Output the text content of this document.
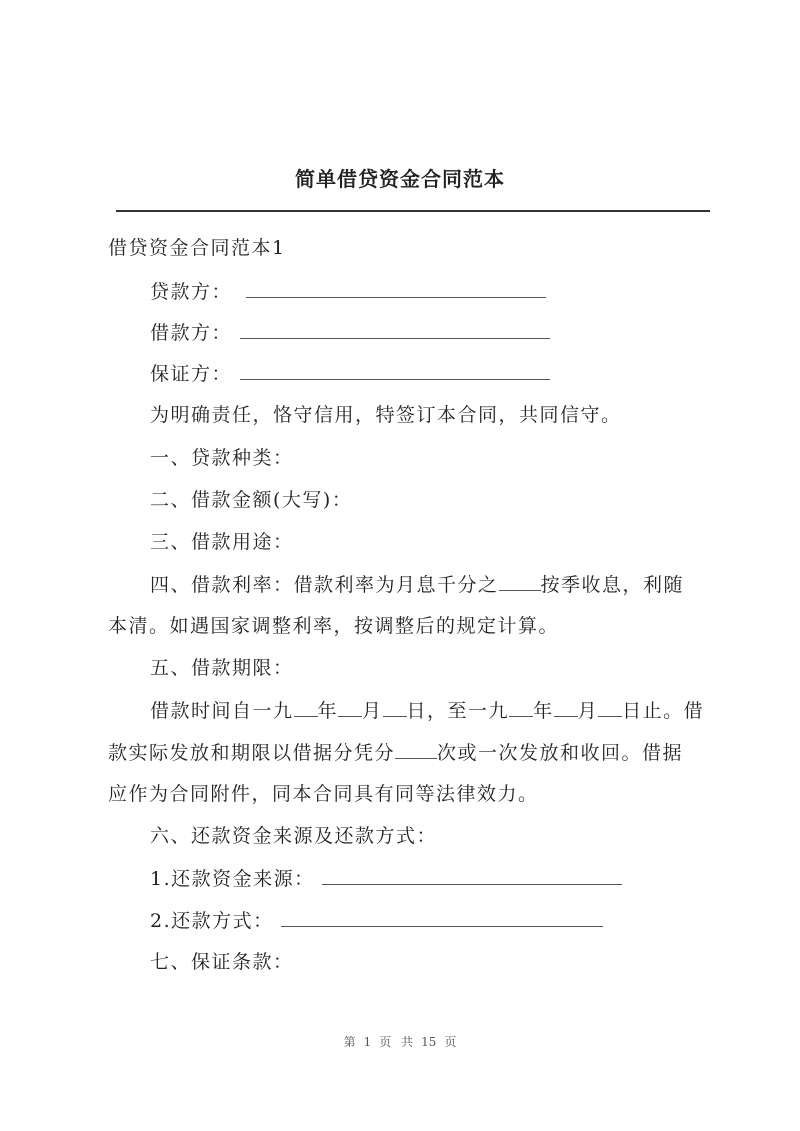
简单借贷资金合同范本
借贷资金合同范本1
贷款方：
借款方：
保证方：
为明确责任，恪守信用，特签订本合同，共同信守。
一、贷款种类：
二、借款金额(大写)：
三、借款用途：
四、借款利率：借款利率为月息千分之 按季收息，利随
本清。如遇国家调整利率，按调整后的规定计算。
五、借款期限：
借款时间自一九 年 月 日，至一九 年 月 日止。借
款实际发放和期限以借据分凭分 次或一次发放和收回。借据
应作为合同附件，同本合同具有同等法律效力。
六、还款资金来源及还款方式：
1.还款资金来源：
2.还款方式：
七、保证条款：
第 1 页 共 15 页
